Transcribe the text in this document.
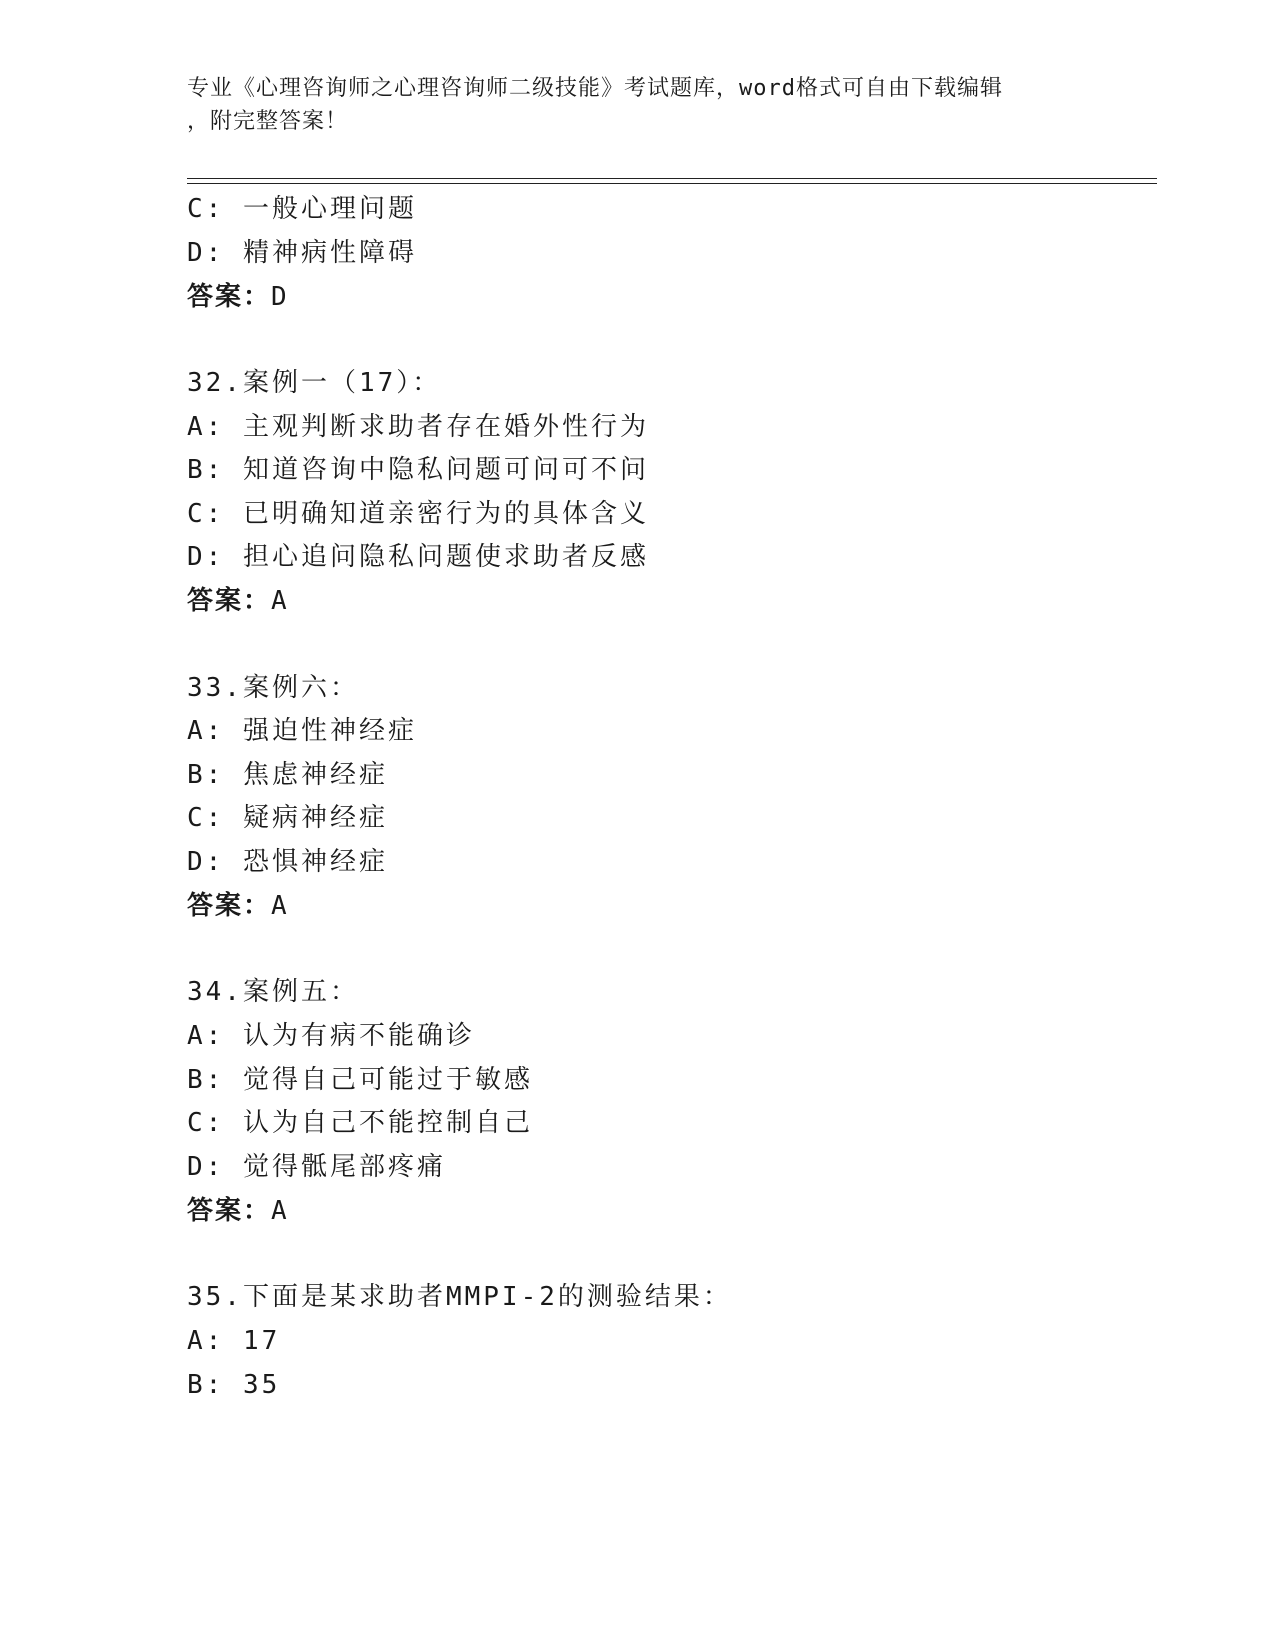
专业《心理咨询师之心理咨询师二级技能》考试题库，word格式可自由下载编辑
，附完整答案！
C: 一般心理问题
D: 精神病性障碍
答案：D
32.案例一（17）：
A: 主观判断求助者存在婚外性行为
B: 知道咨询中隐私问题可问可不问
C: 已明确知道亲密行为的具体含义
D: 担心追问隐私问题使求助者反感
答案：A
33.案例六：
A: 强迫性神经症
B: 焦虑神经症
C: 疑病神经症
D: 恐惧神经症
答案：A
34.案例五：
A: 认为有病不能确诊
B: 觉得自己可能过于敏感
C: 认为自己不能控制自己
D: 觉得骶尾部疼痛
答案：A
35.下面是某求助者MMPI-2的测验结果：
A: 17
B: 35
